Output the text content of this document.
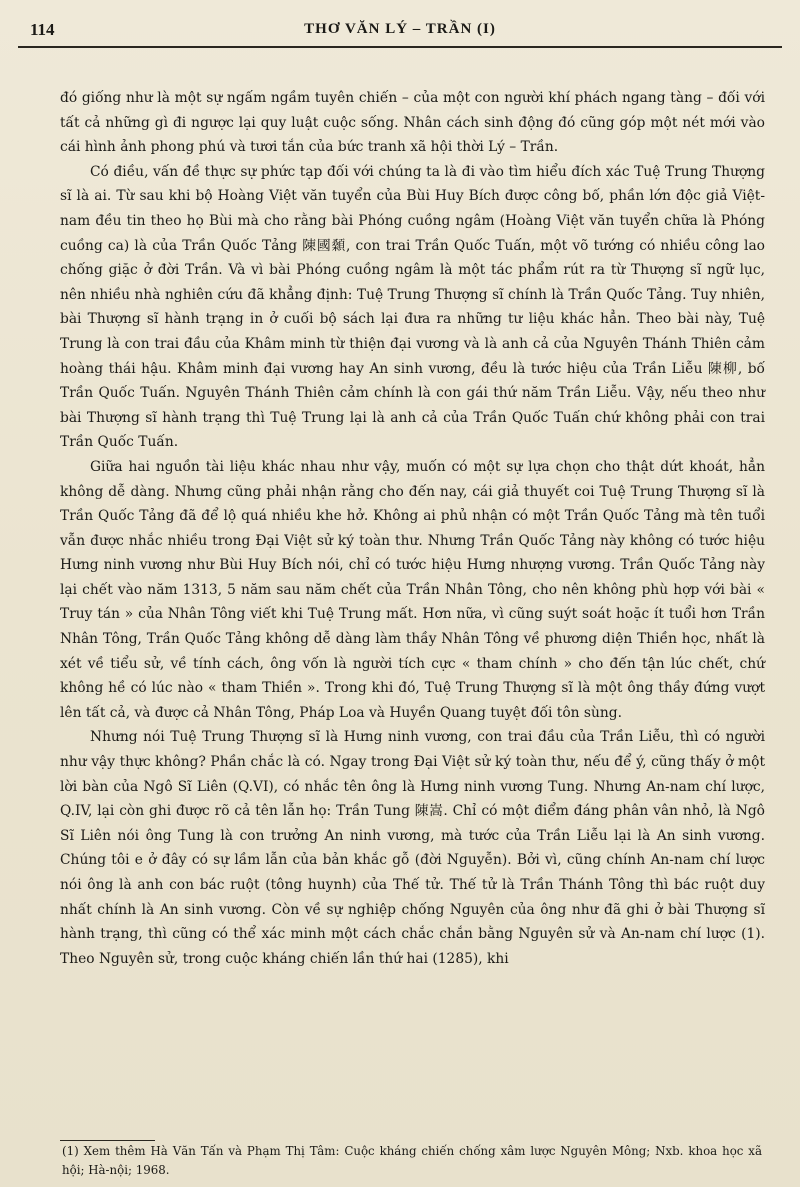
114	THƠ VĂN LÝ – TRẦN (I)

đó giống như là một sự ngấm ngầm tuyên chiến – của một con người khí phách ngang tàng – đối với tất cả những gì đi ngược lại quy luật cuộc sống. Nhân cách sinh động đó cũng góp một nét mới vào cái hình ảnh phong phú và tươi tắn của bức tranh xã hội thời Lý – Trần.

Có điều, vấn đề thực sự phức tạp đối với chúng ta là đi vào tìm hiểu đích xác Tuệ Trung Thượng sĩ là ai. Từ sau khi bộ Hoàng Việt văn tuyển của Bùi Huy Bích được công bố, phần lớn độc giả Việt-nam đều tin theo họ Bùi mà cho rằng bài Phóng cuồng ngâm (Hoàng Việt văn tuyển chữa là Phóng cuồng ca) là của Trần Quốc Tảng 陳國顙, con trai Trần Quốc Tuấn, một võ tướng có nhiều công lao chống giặc ở đời Trần. Và vì bài Phóng cuồng ngâm là một tác phẩm rút ra từ Thượng sĩ ngữ lục, nên nhiều nhà nghiên cứu đã khẳng định: Tuệ Trung Thượng sĩ chính là Trần Quốc Tảng. Tuy nhiên, bài Thượng sĩ hành trạng in ở cuối bộ sách lại đưa ra những tư liệu khác hẳn. Theo bài này, Tuệ Trung là con trai đầu của Khâm minh từ thiện đại vương và là anh cả của Nguyên Thánh Thiên cảm hoàng thái hậu. Khâm minh đại vương hay An sinh vương, đều là tước hiệu của Trần Liễu 陳柳, bố Trần Quốc Tuấn. Nguyên Thánh Thiên cảm chính là con gái thứ năm Trần Liễu. Vậy, nếu theo như bài Thượng sĩ hành trạng thì Tuệ Trung lại là anh cả của Trần Quốc Tuấn chứ không phải con trai Trần Quốc Tuấn.

Giữa hai nguồn tài liệu khác nhau như vậy, muốn có một sự lựa chọn cho thật dứt khoát, hẳn không dễ dàng. Nhưng cũng phải nhận rằng cho đến nay, cái giả thuyết coi Tuệ Trung Thượng sĩ là Trần Quốc Tảng đã để lộ quá nhiều khe hở. Không ai phủ nhận có một Trần Quốc Tảng mà tên tuổi vẫn được nhắc nhiều trong Đại Việt sử ký toàn thư. Nhưng Trần Quốc Tảng này không có tước hiệu Hưng ninh vương như Bùi Huy Bích nói, chỉ có tước hiệu Hưng nhượng vương. Trần Quốc Tảng này lại chết vào năm 1313, 5 năm sau năm chết của Trần Nhân Tông, cho nên không phù hợp với bài « Truy tán » của Nhân Tông viết khi Tuệ Trung mất. Hơn nữa, vì cũng suýt soát hoặc ít tuổi hơn Trần Nhân Tông, Trần Quốc Tảng không dễ dàng làm thầy Nhân Tông về phương diện Thiền học, nhất là xét về tiểu sử, về tính cách, ông vốn là người tích cực « tham chính » cho đến tận lúc chết, chứ không hề có lúc nào « tham Thiền ». Trong khi đó, Tuệ Trung Thượng sĩ là một ông thầy đứng vượt lên tất cả, và được cả Nhân Tông, Pháp Loa và Huyền Quang tuyệt đối tôn sùng.

Nhưng nói Tuệ Trung Thượng sĩ là Hưng ninh vương, con trai đầu của Trần Liễu, thì có người như vậy thực không? Phần chắc là có. Ngay trong Đại Việt sử ký toàn thư, nếu để ý, cũng thấy ở một lời bàn của Ngô Sĩ Liên (Q.VI), có nhắc tên ông là Hưng ninh vương Tung. Nhưng An-nam chí lược, Q.IV, lại còn ghi được rõ cả tên lẫn họ: Trần Tung 陳嵩. Chỉ có một điểm đáng phân vân nhỏ, là Ngô Sĩ Liên nói ông Tung là con trưởng An ninh vương, mà tước của Trần Liễu lại là An sinh vương. Chúng tôi e ở đây có sự lầm lẫn của bản khắc gỗ (đời Nguyễn). Bởi vì, cũng chính An-nam chí lược nói ông là anh con bác ruột (tông huynh) của Thế tử. Thế tử là Trần Thánh Tông thì bác ruột duy nhất chính là An sinh vương. Còn về sự nghiệp chống Nguyên của ông như đã ghi ở bài Thượng sĩ hành trạng, thì cũng có thể xác minh một cách chắc chắn bằng Nguyên sử và An-nam chí lược (1). Theo Nguyên sử, trong cuộc kháng chiến lần thứ hai (1285), khi

(1) Xem thêm Hà Văn Tấn và Phạm Thị Tâm: Cuộc kháng chiến chống xâm lược Nguyên Mông; Nxb. khoa học xã hội; Hà-nội; 1968.
